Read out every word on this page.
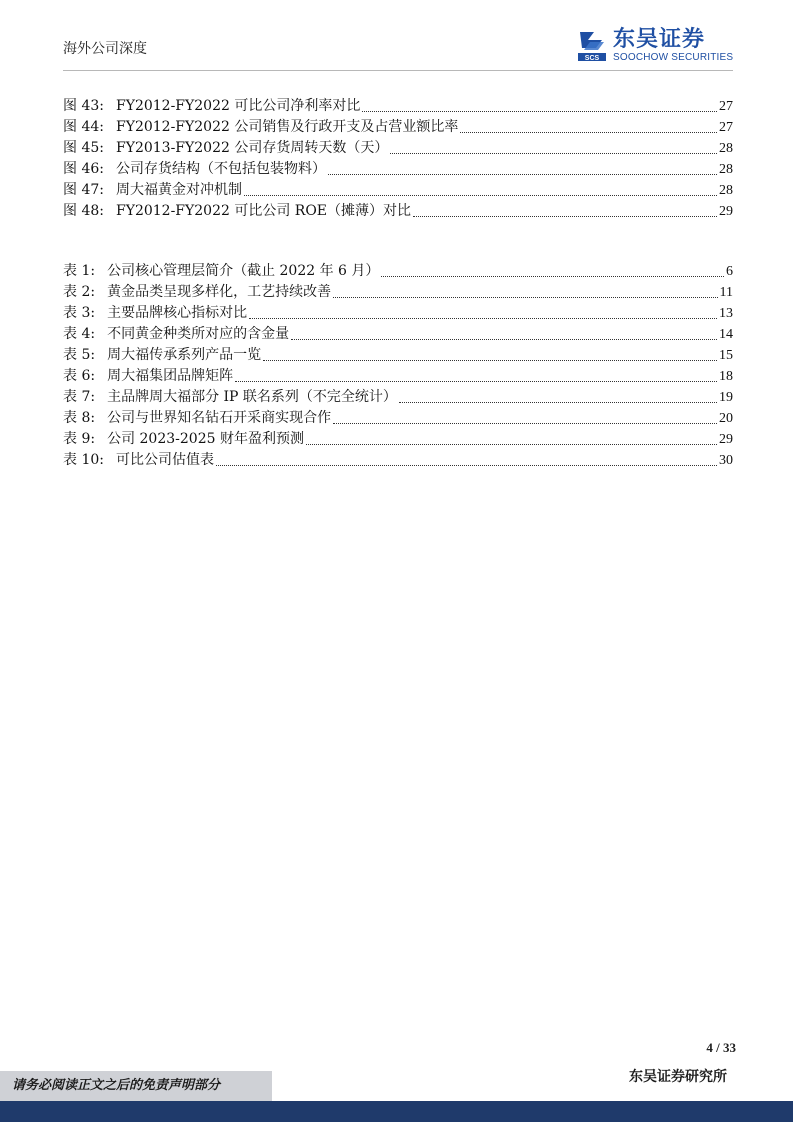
海外公司深度
SCS
东吴证券
SOOCHOW SECURITIES
图 43: FY2012-FY2022 可比公司净利率对比	27
图 44: FY2012-FY2022 公司销售及行政开支及占营业额比率	27
图 45: FY2013-FY2022 公司存货周转天数（天）	28
图 46: 公司存货结构（不包括包装物料）	28
图 47: 周大福黄金对冲机制	28
图 48: FY2012-FY2022 可比公司 ROE（摊薄）对比	29
表 1: 公司核心管理层简介（截止 2022 年 6 月）	6
表 2: 黄金品类呈现多样化，工艺持续改善	11
表 3: 主要品牌核心指标对比	13
表 4: 不同黄金种类所对应的含金量	14
表 5: 周大福传承系列产品一览	15
表 6: 周大福集团品牌矩阵	18
表 7: 主品牌周大福部分 IP 联名系列（不完全统计）	19
表 8: 公司与世界知名钻石开采商实现合作	20
表 9: 公司 2023-2025 财年盈利预测	29
表 10: 可比公司估值表	30
4 / 33
请务必阅读正文之后的免责声明部分
东吴证券研究所
